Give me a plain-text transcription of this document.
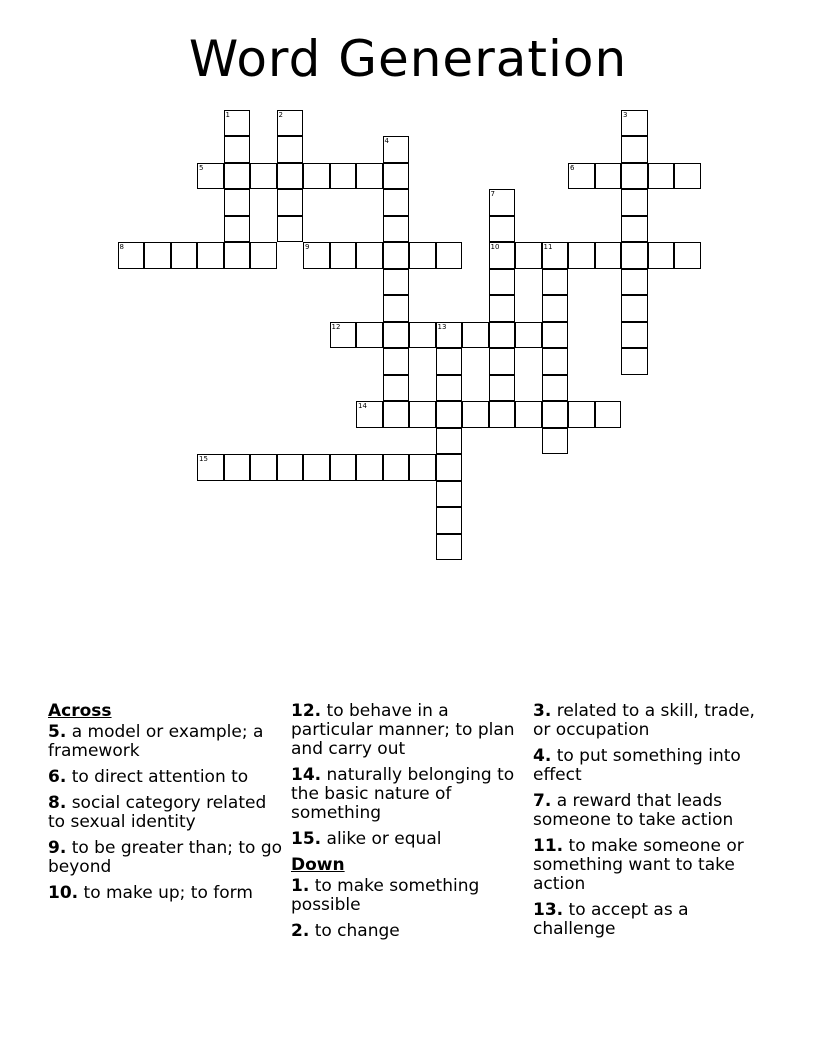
Word Generation
1	2	3
4
5	6
7
10
8	9	11
12	13
14
15
Across
5. a model or example; a framework
6. to direct attention to
8. social category related to sexual identity
9. to be greater than; to go beyond
10. to make up; to form
12. to behave in a particular manner; to plan and carry out
14. naturally belonging to the basic nature of something
15. alike or equal
Down
1. to make something possible
2. to change
3. related to a skill, trade, or occupation
4. to put something into effect
7. a reward that leads someone to take action
11. to make someone or something want to take action
13. to accept as a challenge
